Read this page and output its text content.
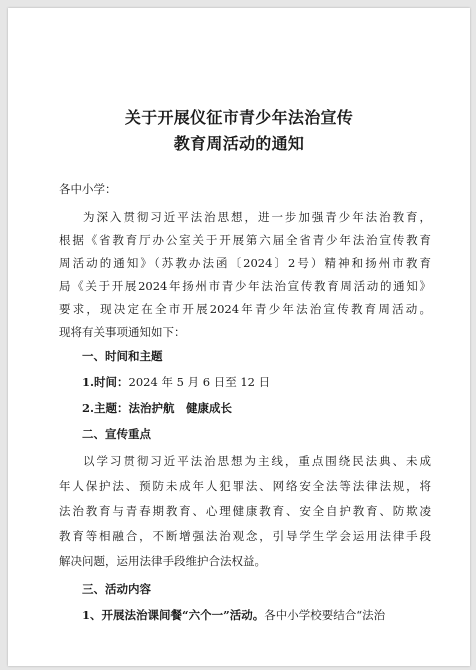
关于开展仪征市青少年法治宣传
教育周活动的通知
各中小学：
为深入贯彻习近平法治思想，进一步加强青少年法治教育，
根据《省教育厅办公室关于开展第六届全省青少年法治宣传教育
周活动的通知》（苏教办法函〔2024〕2号）精神和扬州市教育
局《关于开展2024年扬州市青少年法治宣传教育周活动的通知》
要求，现决定在全市开展2024年青少年法治宣传教育周活动。
现将有关事项通知如下：
一、时间和主题
1.时间：2024 年 5 月 6 日至 12 日
2.主题：法治护航　健康成长
二、宣传重点
以学习贯彻习近平法治思想为主线，重点围绕民法典、未成
年人保护法、预防未成年人犯罪法、网络安全法等法律法规，将
法治教育与青春期教育、心理健康教育、安全自护教育、防欺凌
教育等相融合，不断增强法治观念，引导学生学会运用法律手段
解决问题，运用法律手段维护合法权益。
三、活动内容
1、开展法治课间餐“六个一”活动。各中小学校要结合“法治
